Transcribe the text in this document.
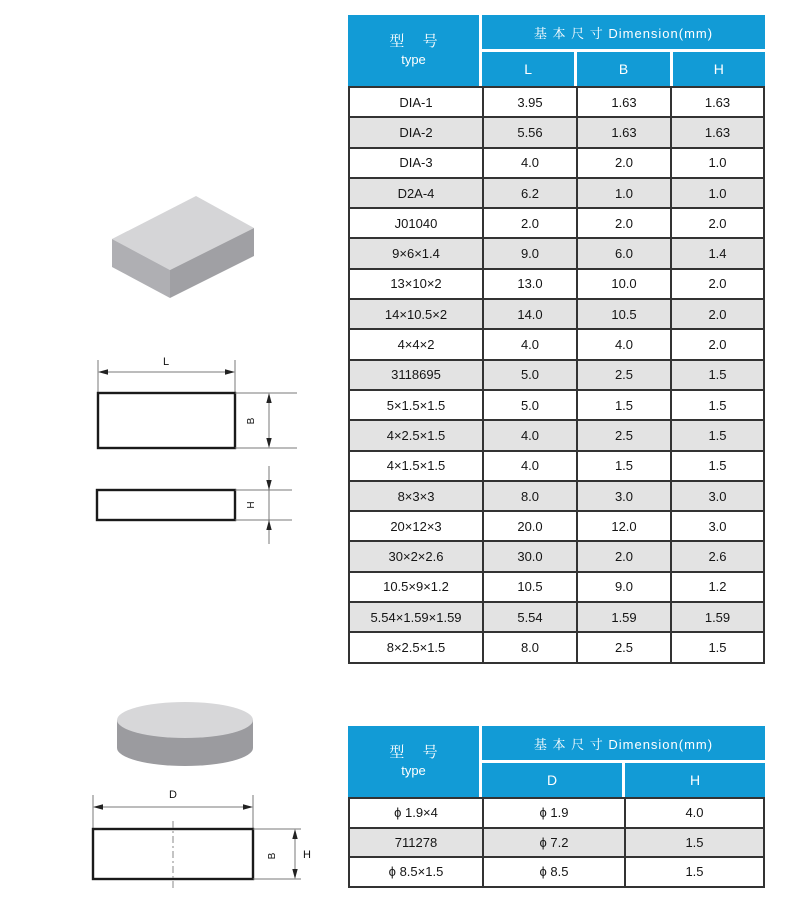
L
B
H
D
B H
型 号
type
基 本 尺 寸 Dimension(mm)
L	B	H
DIA-1	3.95	1.63	1.63
DIA-2	5.56	1.63	1.63
DIA-3	4.0	2.0	1.0
D2A-4	6.2	1.0	1.0
J01040	2.0	2.0	2.0
9×6×1.4	9.0	6.0	1.4
13×10×2	13.0	10.0	2.0
14×10.5×2	14.0	10.5	2.0
4×4×2	4.0	4.0	2.0
3118695	5.0	2.5	1.5
5×1.5×1.5	5.0	1.5	1.5
4×2.5×1.5	4.0	2.5	1.5
4×1.5×1.5	4.0	1.5	1.5
8×3×3	8.0	3.0	3.0
20×12×3	20.0	12.0	3.0
30×2×2.6	30.0	2.0	2.6
10.5×9×1.2	10.5	9.0	1.2
5.54×1.59×1.59	5.54	1.59	1.59
8×2.5×1.5	8.0	2.5	1.5
型 号
type
基 本 尺 寸 Dimension(mm)
D	H
ϕ 1.9×4	ϕ 1.9	4.0
711278	ϕ 7.2	1.5
ϕ 8.5×1.5	ϕ 8.5	1.5
